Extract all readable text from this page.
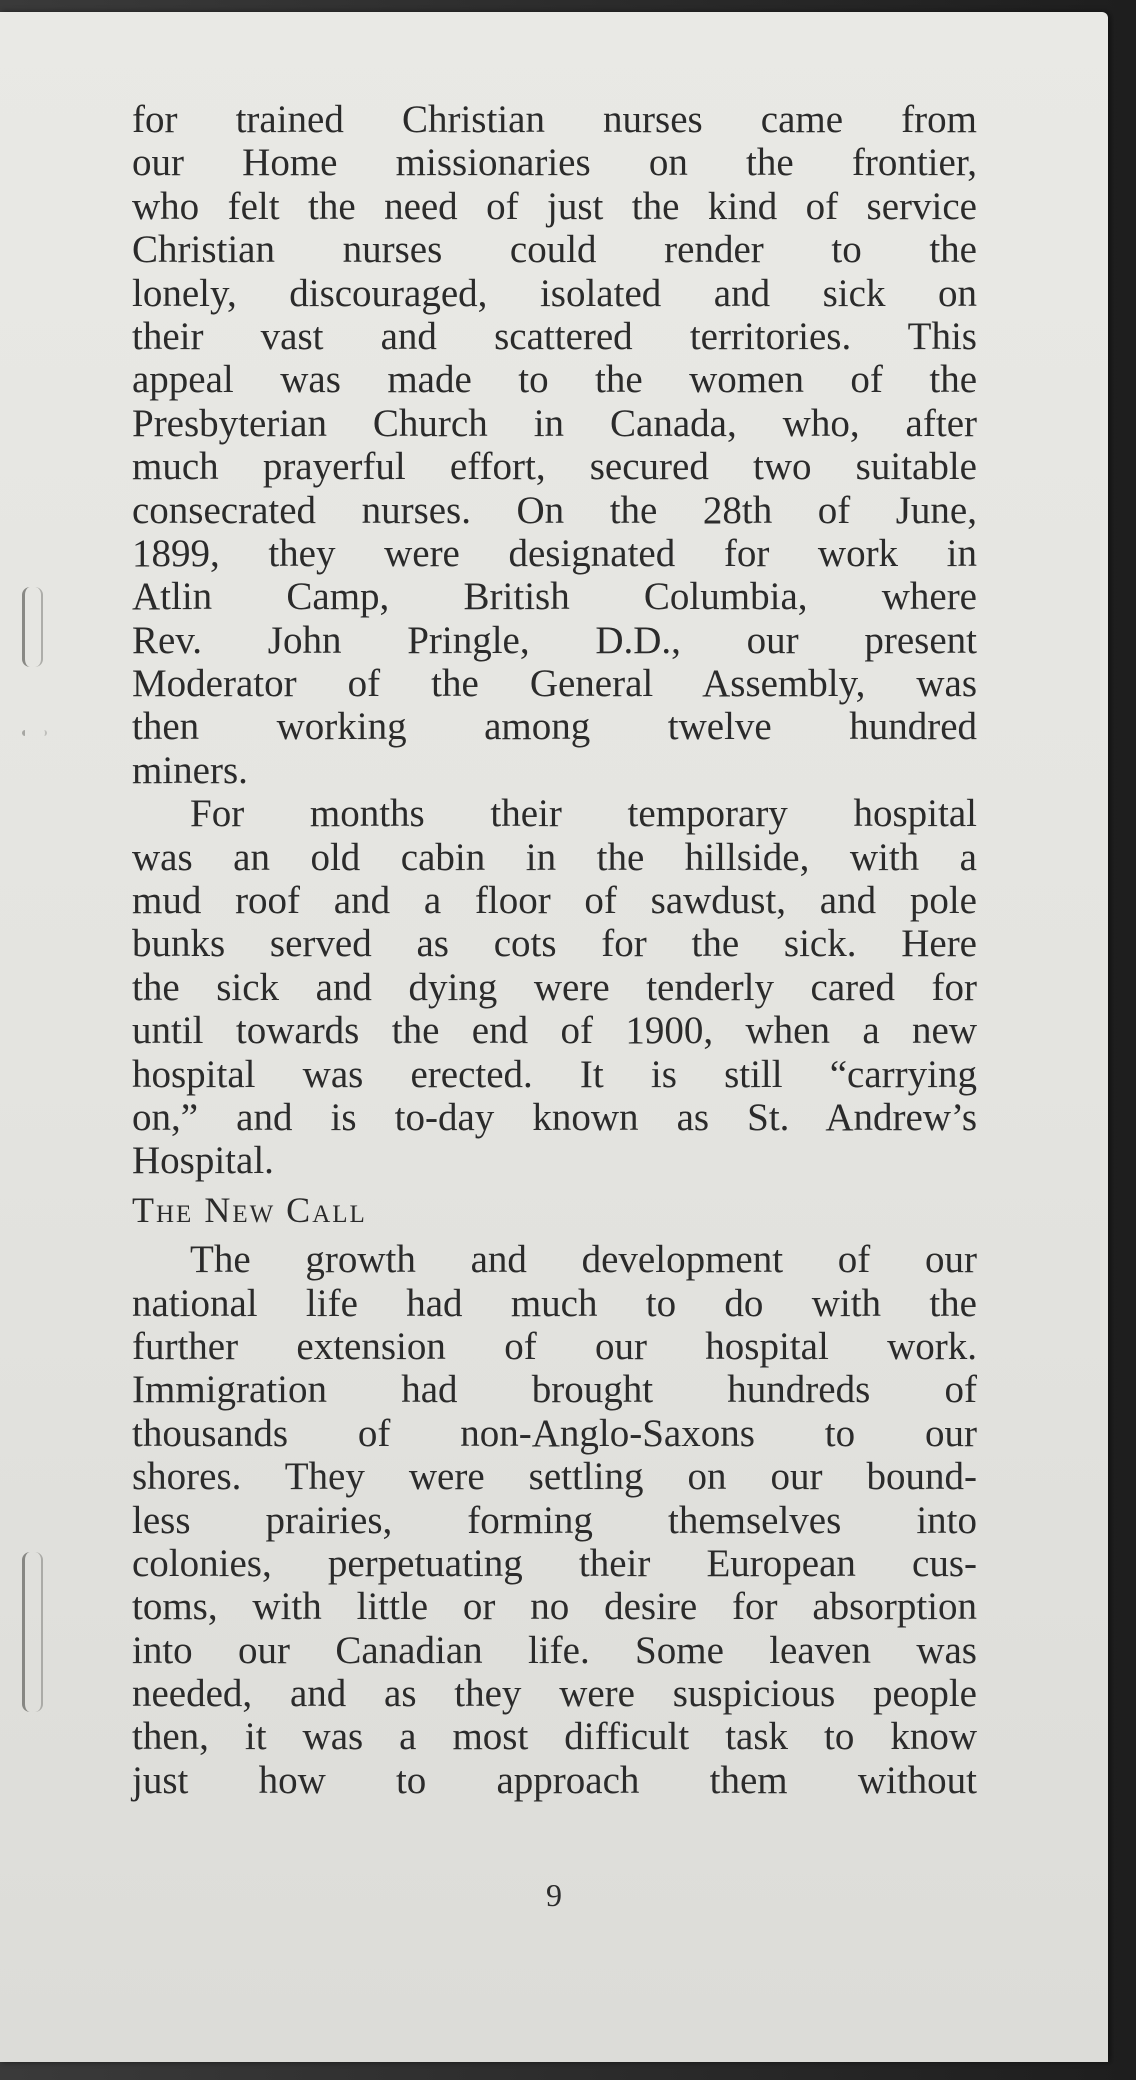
for trained Christian nurses came from
our Home missionaries on the frontier,
who felt the need of just the kind of service
Christian nurses could render to the
lonely, discouraged, isolated and sick on
their vast and scattered territories. This
appeal was made to the women of the
Presbyterian Church in Canada, who, after
much prayerful effort, secured two suitable
consecrated nurses. On the 28th of June,
1899, they were designated for work in
Atlin Camp, British Columbia, where
Rev. John Pringle, D.D., our present
Moderator of the General Assembly, was
then working among twelve hundred
miners.
For months their temporary hospital
was an old cabin in the hillside, with a
mud roof and a floor of sawdust, and pole
bunks served as cots for the sick. Here
the sick and dying were tenderly cared for
until towards the end of 1900, when a new
hospital was erected. It is still “carrying
on,” and is to-day known as St. Andrew’s
Hospital.
The New Call
The growth and development of our
national life had much to do with the
further extension of our hospital work.
Immigration had brought hundreds of
thousands of non-Anglo-Saxons to our
shores. They were settling on our bound-
less prairies, forming themselves into
colonies, perpetuating their European cus-
toms, with little or no desire for absorption
into our Canadian life. Some leaven was
needed, and as they were suspicious people
then, it was a most difficult task to know
just how to approach them without
9
